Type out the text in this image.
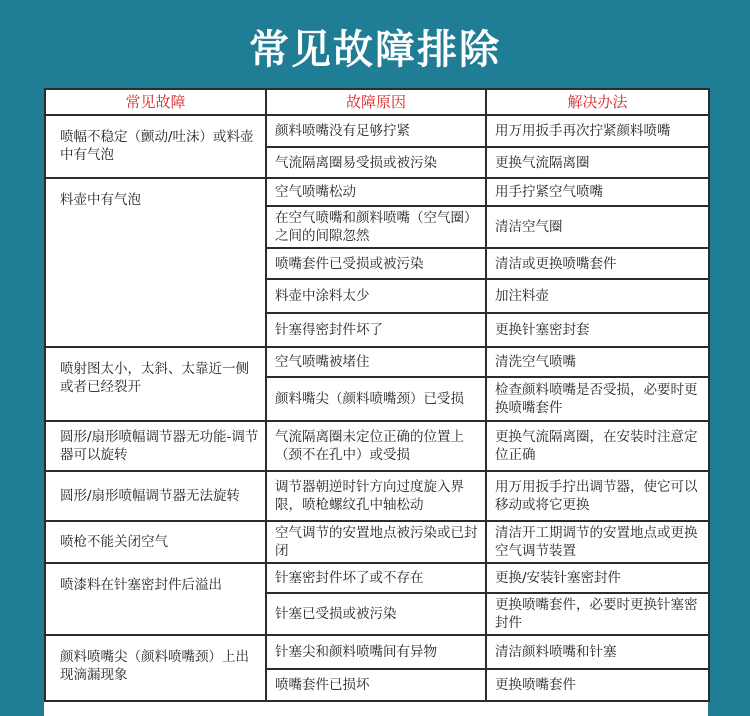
常见故障排除
常见故障	故障原因	解决办法
喷幅不稳定（颤动/吐沫）或料壶中有气泡	颜料喷嘴没有足够拧紧	用万用扳手再次拧紧颜料喷嘴
	气流隔离圈易受损或被污染	更换气流隔离圈
料壶中有气泡	空气喷嘴松动	用手拧紧空气喷嘴
	在空气喷嘴和颜料喷嘴（空气圈）之间的间隙忽然	清洁空气圈
	喷嘴套件已受损或被污染	清洁或更换喷嘴套件
	料壶中涂料太少	加注料壶
	针塞得密封件坏了	更换针塞密封套
喷射图太小，太斜、太靠近一侧或者已经裂开	空气喷嘴被堵住	清洗空气喷嘴
	颜料嘴尖（颜料喷嘴颈）已受损	检查颜料喷嘴是否受损，必要时更换喷嘴套件
圆形/扇形喷幅调节器无功能-调节器可以旋转	气流隔离圈未定位正确的位置上（颈不在孔中）或受损	更换气流隔离圈，在安装时注意定位正确
圆形/扇形喷幅调节器无法旋转	调节器朝逆时针方向过度旋入界限，喷枪螺纹孔中轴松动	用万用扳手拧出调节器，使它可以移动或将它更换
喷枪不能关闭空气	空气调节的安置地点被污染或已封闭	清洁开工期调节的安置地点或更换空气调节装置
喷漆料在针塞密封件后溢出	针塞密封件坏了或不存在	更换/安装针塞密封件
	针塞已受损或被污染	更换喷嘴套件，必要时更换针塞密封件
颜料喷嘴尖（颜料喷嘴颈）上出现滴漏现象	针塞尖和颜料喷嘴间有异物	清洁颜料喷嘴和针塞
	喷嘴套件已损坏	更换喷嘴套件
